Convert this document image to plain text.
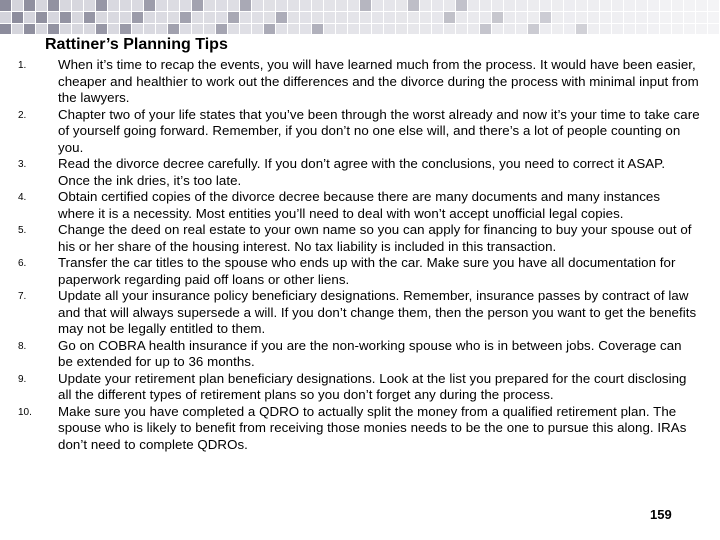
Rattiner’s Planning Tips
1.	When it’s time to recap the events, you will have learned much from the process. It would have been easier, cheaper and healthier to work out the differences and the divorce during the process with minimal input from the lawyers.
2.	Chapter two of your life states that you’ve been through the worst already and now it’s your time to take care of yourself going forward. Remember, if you don’t no one else will, and there’s a lot of people counting on you.
3.	Read the divorce decree carefully. If you don’t agree with the conclusions, you need to correct it ASAP. Once the ink dries, it’s too late.
4.	Obtain certified copies of the divorce decree because there are many documents and many instances where it is a necessity. Most entities you’ll need to deal with won’t accept unofficial legal copies.
5.	Change the deed on real estate to your own name so you can apply for financing to buy your spouse out of his or her share of the housing interest. No tax liability is included in this transaction.
6.	Transfer the car titles to the spouse who ends up with the car. Make sure you have all documentation for paperwork regarding paid off loans or other liens.
7.	Update all your insurance policy beneficiary designations. Remember, insurance passes by contract of law and that will always supersede a will. If you don’t change them, then the person you want to get the benefits may not be legally entitled to them.
8.	Go on COBRA health insurance if you are the non-working spouse who is in between jobs. Coverage can be extended for up to 36 months.
9.	Update your retirement plan beneficiary designations. Look at the list you prepared for the court disclosing all the different types of retirement plans so you don’t forget any during the process.
10.	Make sure you have completed a QDRO to actually split the money from a qualified retirement plan. The spouse who is likely to benefit from receiving those monies needs to be the one to pursue this along. IRAs don’t need to complete QDROs.
159
